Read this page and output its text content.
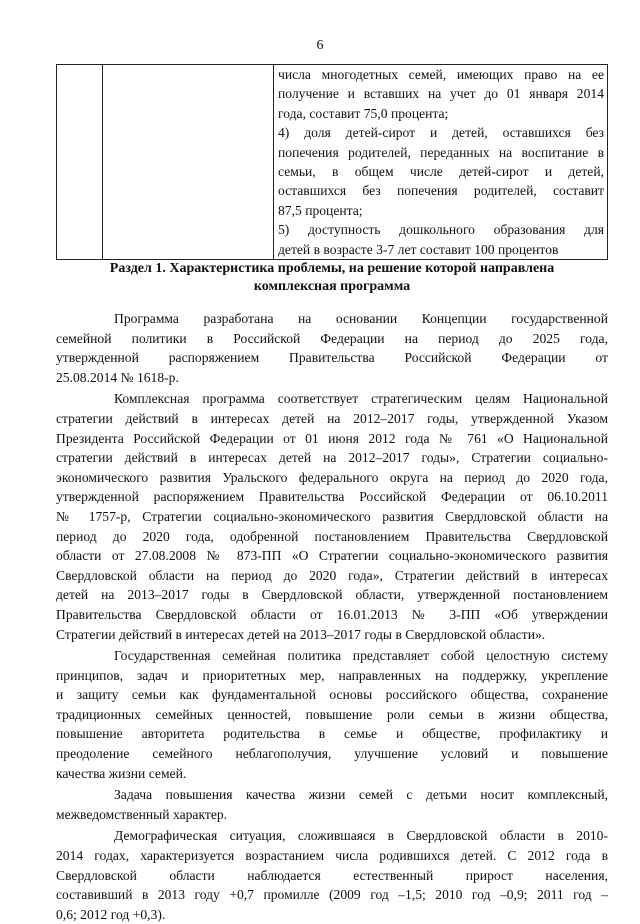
6

числа многодетных семей, имеющих право на ее
получение и вставших на учет до 01 января 2014
года, составит 75,0 процента;
4) доля детей-сирот и детей, оставшихся без
попечения родителей, переданных на воспитание в
семьи, в общем числе детей-сирот и детей,
оставшихся без попечения родителей, составит
87,5 процента;
5) доступность дошкольного образования для
детей в возрасте 3-7 лет составит 100 процентов
Раздел 1. Характеристика проблемы, на решение которой направлена
комплексная программа
Программа разработана на основании Концепции государственной
семейной политики в Российской Федерации на период до 2025 года,
утвержденной распоряжением Правительства Российской Федерации от
25.08.2014 № 1618-р.
Комплексная программа соответствует стратегическим целям Национальной
стратегии действий в интересах детей на 2012–2017 годы, утвержденной Указом
Президента Российской Федерации от 01 июня 2012 года № 761 «О Национальной
стратегии действий в интересах детей на 2012–2017 годы», Стратегии социально-
экономического развития Уральского федерального округа на период до 2020 года,
утвержденной распоряжением Правительства Российской Федерации от 06.10.2011
№ 1757-р, Стратегии социально-экономического развития Свердловской области на
период до 2020 года, одобренной постановлением Правительства Свердловской
области от 27.08.2008 № 873-ПП «О Стратегии социально-экономического развития
Свердловской области на период до 2020 года», Стратегии действий в интересах
детей на 2013–2017 годы в Свердловской области, утвержденной постановлением
Правительства Свердловской области от 16.01.2013 № 3-ПП «Об утверждении
Стратегии действий в интересах детей на 2013–2017 годы в Свердловской области».
Государственная семейная политика представляет собой целостную систему
принципов, задач и приоритетных мер, направленных на поддержку, укрепление
и защиту семьи как фундаментальной основы российского общества, сохранение
традиционных семейных ценностей, повышение роли семьи в жизни общества,
повышение авторитета родительства в семье и обществе, профилактику и
преодоление семейного неблагополучия, улучшение условий и повышение
качества жизни семей.
Задача повышения качества жизни семей с детьми носит комплексный,
межведомственный характер.
Демографическая ситуация, сложившаяся в Свердловской области в 2010-
2014 годах, характеризуется возрастанием числа родившихся детей. С 2012 года в
Свердловской области наблюдается естественный прирост населения,
составивший в 2013 году +0,7 промилле (2009 год –1,5; 2010 год –0,9; 2011 год –
0,6; 2012 год +0,3).
